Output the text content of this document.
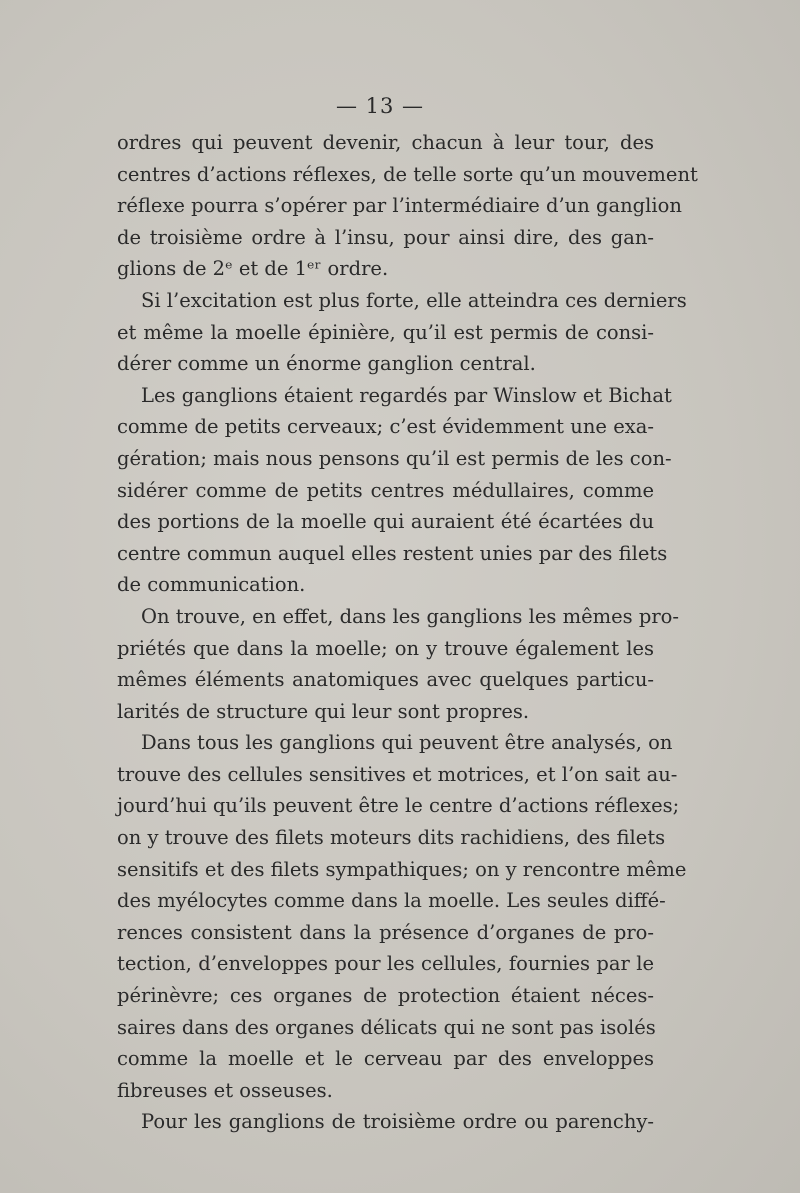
— 13 —
ordres qui peuvent devenir, chacun à leur tour, des
centres d’actions réflexes, de telle sorte qu’un mouvement
réflexe pourra s’opérer par l’intermédiaire d’un ganglion
de troisième ordre à l’insu, pour ainsi dire, des gan-
glions de 2ᵉ et de 1ᵉʳ ordre.
Si l’excitation est plus forte, elle atteindra ces derniers
et même la moelle épinière, qu’il est permis de consi-
dérer comme un énorme ganglion central.
Les ganglions étaient regardés par Winslow et Bichat
comme de petits cerveaux; c’est évidemment une exa-
gération; mais nous pensons qu’il est permis de les con-
sidérer comme de petits centres médullaires, comme
des portions de la moelle qui auraient été écartées du
centre commun auquel elles restent unies par des filets
de communication.
On trouve, en effet, dans les ganglions les mêmes pro-
priétés que dans la moelle; on y trouve également les
mêmes éléments anatomiques avec quelques particu-
larités de structure qui leur sont propres.
Dans tous les ganglions qui peuvent être analysés, on
trouve des cellules sensitives et motrices, et l’on sait au-
jourd’hui qu’ils peuvent être le centre d’actions réflexes;
on y trouve des filets moteurs dits rachidiens, des filets
sensitifs et des filets sympathiques; on y rencontre même
des myélocytes comme dans la moelle. Les seules diffé-
rences consistent dans la présence d’organes de pro-
tection, d’enveloppes pour les cellules, fournies par le
périnèvre; ces organes de protection étaient néces-
saires dans des organes délicats qui ne sont pas isolés
comme la moelle et le cerveau par des enveloppes
fibreuses et osseuses.
Pour les ganglions de troisième ordre ou parenchy-
